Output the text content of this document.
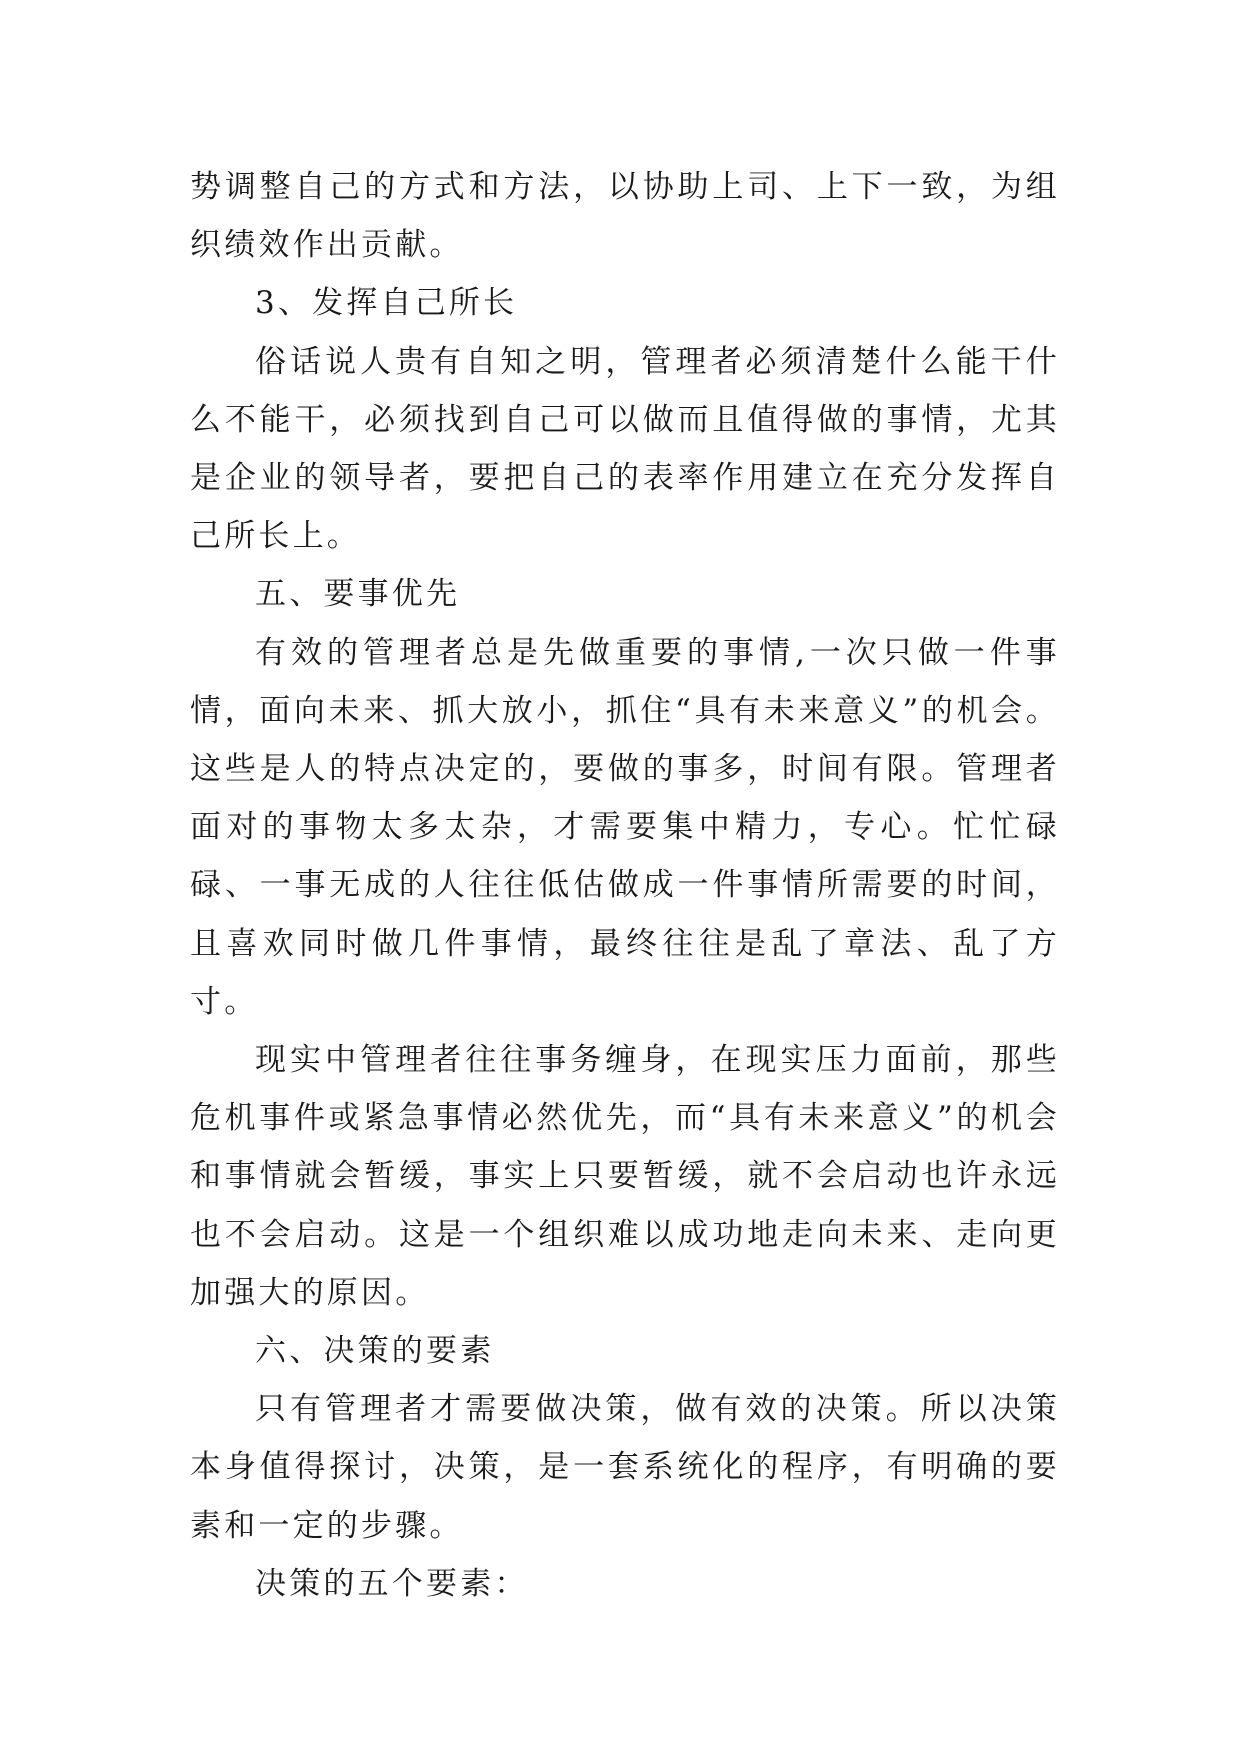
势调整自己的方式和方法，以协助上司、上下一致，为组织绩效作出贡献。

3、发挥自己所长

俗话说人贵有自知之明，管理者必须清楚什么能干什么不能干，必须找到自己可以做而且值得做的事情，尤其是企业的领导者，要把自己的表率作用建立在充分发挥自己所长上。

五、要事优先

有效的管理者总是先做重要的事情,一次只做一件事情，面向未来、抓大放小，抓住“具有未来意义”的机会。这些是人的特点决定的，要做的事多，时间有限。管理者面对的事物太多太杂，才需要集中精力，专心。忙忙碌碌、一事无成的人往往低估做成一件事情所需要的时间，且喜欢同时做几件事情，最终往往是乱了章法、乱了方寸。

现实中管理者往往事务缠身，在现实压力面前，那些危机事件或紧急事情必然优先，而“具有未来意义”的机会和事情就会暂缓，事实上只要暂缓，就不会启动也许永远也不会启动。这是一个组织难以成功地走向未来、走向更加强大的原因。

六、决策的要素

只有管理者才需要做决策，做有效的决策。所以决策本身值得探讨，决策，是一套系统化的程序，有明确的要素和一定的步骤。

决策的五个要素：
